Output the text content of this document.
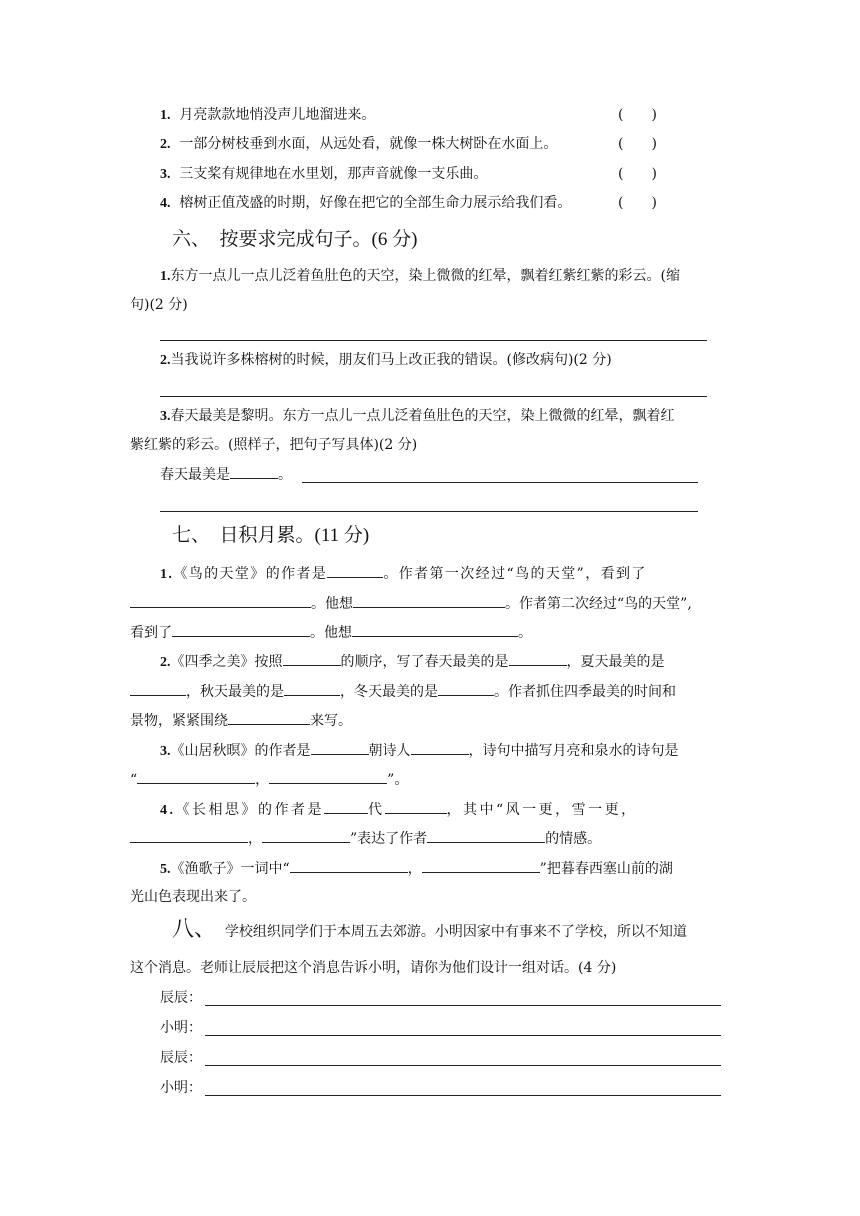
1. 月亮款款地悄没声儿地溜进来。	(　　)
2. 一部分树枝垂到水面，从远处看，就像一株大树卧在水面上。	(　　)
3. 三支桨有规律地在水里划，那声音就像一支乐曲。	(　　)
4. 榕树正值茂盛的时期，好像在把它的全部生命力展示给我们看。	(　　)
六、　按要求完成句子。(6 分)
1.东方一点儿一点儿泛着鱼肚色的天空，染上微微的红晕，飘着红紫红紫的彩云。(缩
句)(2 分)
2.当我说许多株榕树的时候，朋友们马上改正我的错误。(修改病句)(2 分)
3.春天最美是黎明。东方一点儿一点儿泛着鱼肚色的天空，染上微微的红晕，飘着红
紫红紫的彩云。(照样子，把句子写具体)(2 分)
春天最美是	。
七、　日积月累。(11 分)
1.《鸟的天堂》的作者是	。作者第一次经过“鸟的天堂”，看到了
。他想	。作者第二次经过“鸟的天堂”,
看到了	。他想	。
2.《四季之美》按照	的顺序，写了春天最美的是	，夏天最美的是
，秋天最美的是	，冬天最美的是	。作者抓住四季最美的时间和
景物，紧紧围绕	来写。
3.《山居秋暝》的作者是	朝诗人	，诗句中描写月亮和泉水的诗句是
“	，	”。
4.《长相思》的作者是	代	，其中“风一更，雪一更，
，	”表达了作者	的情感。
5.《渔歌子》一词中“	，	”把暮春西塞山前的湖
光山色表现出来了。
八、 学校组织同学们于本周五去郊游。小明因家中有事来不了学校，所以不知道
这个消息。老师让辰辰把这个消息告诉小明，请你为他们设计一组对话。(4 分)
辰辰：
小明：
辰辰：
小明：
